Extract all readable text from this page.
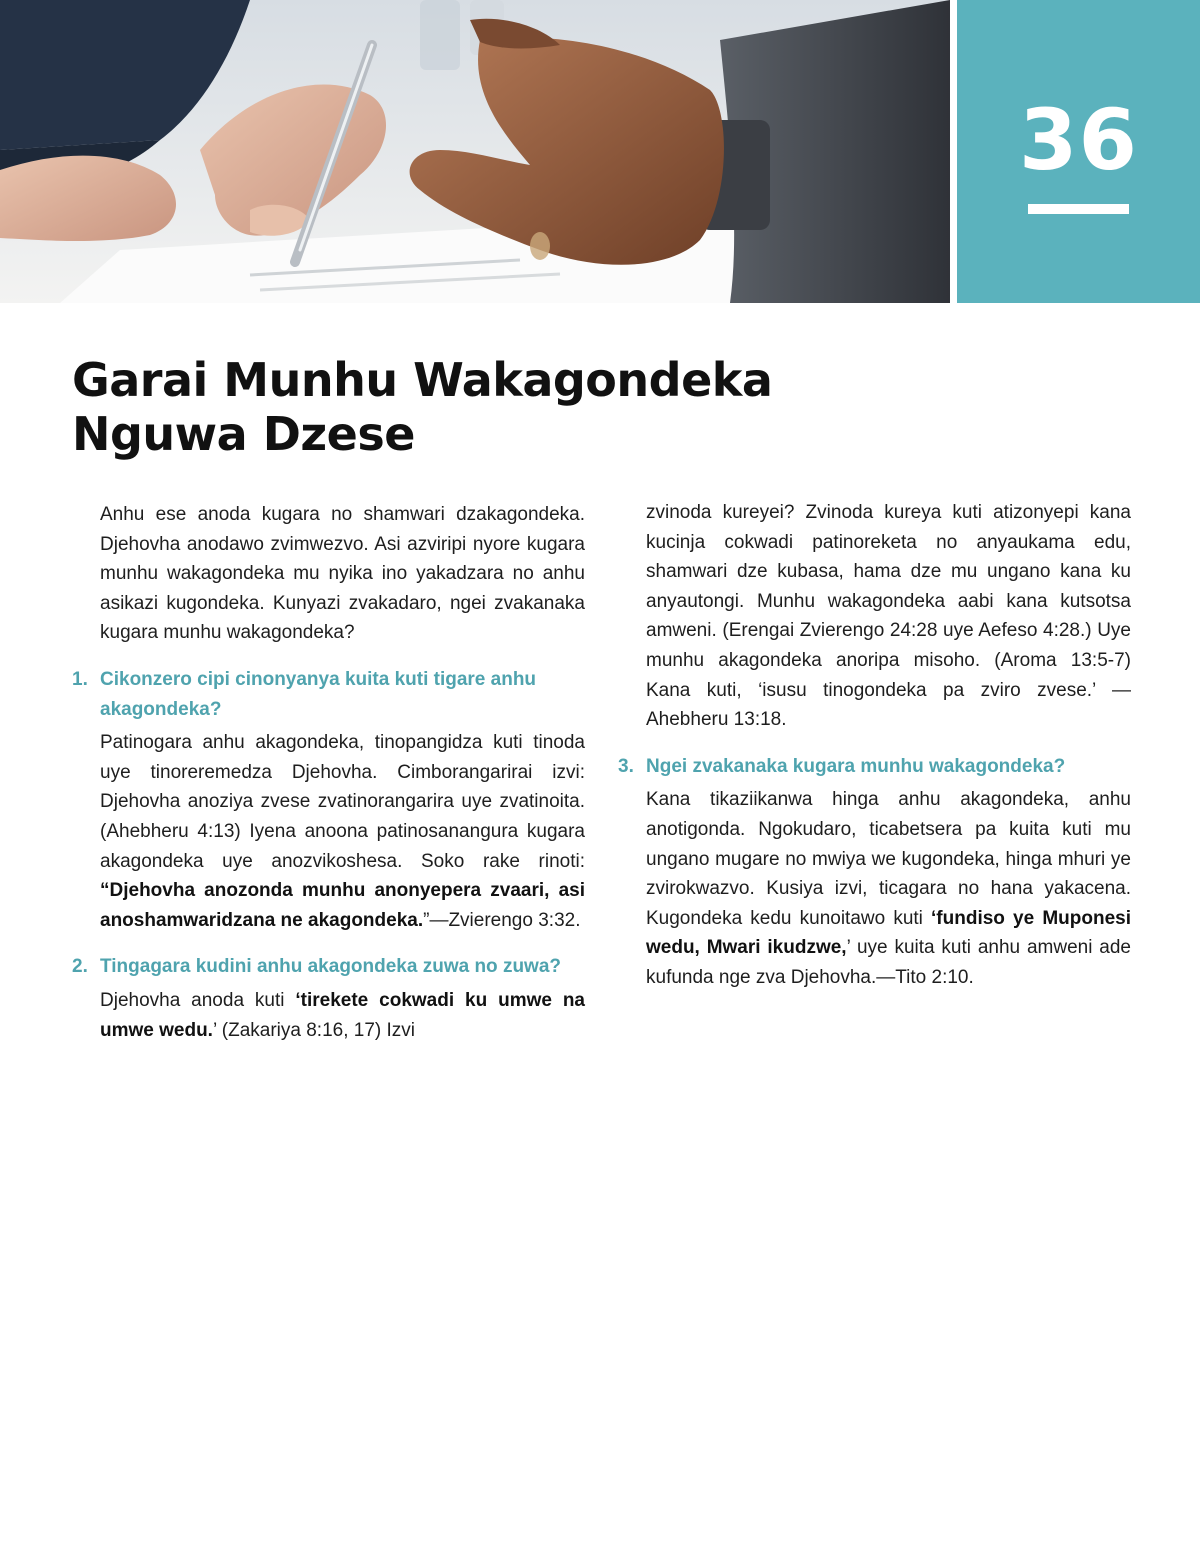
36
Garai Munhu Wakagondeka
Nguwa Dzese

Anhu ese anoda kugara no shamwari dzakagondeka. Djehovha anodawo zvimwezvo. Asi azviripi nyore kugara munhu wakagondeka mu nyika ino yakadzara no anhu asikazi kugondeka. Kunyazi zvakadaro, ngei zvakanaka kugara munhu wakagondeka?

1. Cikonzero cipi cinonyanya kuita kuti tigare anhu akagondeka?

Patinogara anhu akagondeka, tinopangidza kuti tinoda uye tinoreremedza Djehovha. Cimborangarirai izvi: Djehovha anoziya zvese zvatinorangarira uye zvatinoita. (Ahebheru 4:13) Iyena anoona patinosanangura kugara akagondeka uye anozvikoshesa. Soko rake rinoti: “Djehovha anozonda munhu anonyepera zvaari, asi anoshamwaridzana ne akagondeka.”—Zvierengo 3:32.

2. Tingagara kudini anhu akagondeka zuwa no zuwa?

Djehovha anoda kuti ‘tirekete cokwadi ku umwe na umwe wedu.’ (Zakariya 8:16, 17) Izvi

zvinoda kureyei? Zvinoda kureya kuti atizonyepi kana kucinja cokwadi patinoreketa no anyaukama edu, shamwari dze kubasa, hama dze mu ungano kana ku anyautongi. Munhu wakagondeka aabi kana kutsotsa amweni. (Erengai Zvierengo 24:28 uye Aefeso 4:28.) Uye munhu akagondeka anoripa misoho. (Aroma 13:5-7) Kana kuti, ‘isusu tinogondeka pa zviro zvese.’ —Ahebheru 13:18.

3. Ngei zvakanaka kugara munhu wakagondeka?

Kana tikaziikanwa hinga anhu akagondeka, anhu anotigonda. Ngokudaro, ticabetsera pa kuita kuti mu ungano mugare no mwiya we kugondeka, hinga mhuri ye zvirokwazvo. Kusiya izvi, ticagara no hana yakacena. Kugondeka kedu kunoitawo kuti ‘fundiso ye Muponesi wedu, Mwari ikudzwe,’ uye kuita kuti anhu amweni ade kufunda nge zva Djehovha.—Tito 2:10.
